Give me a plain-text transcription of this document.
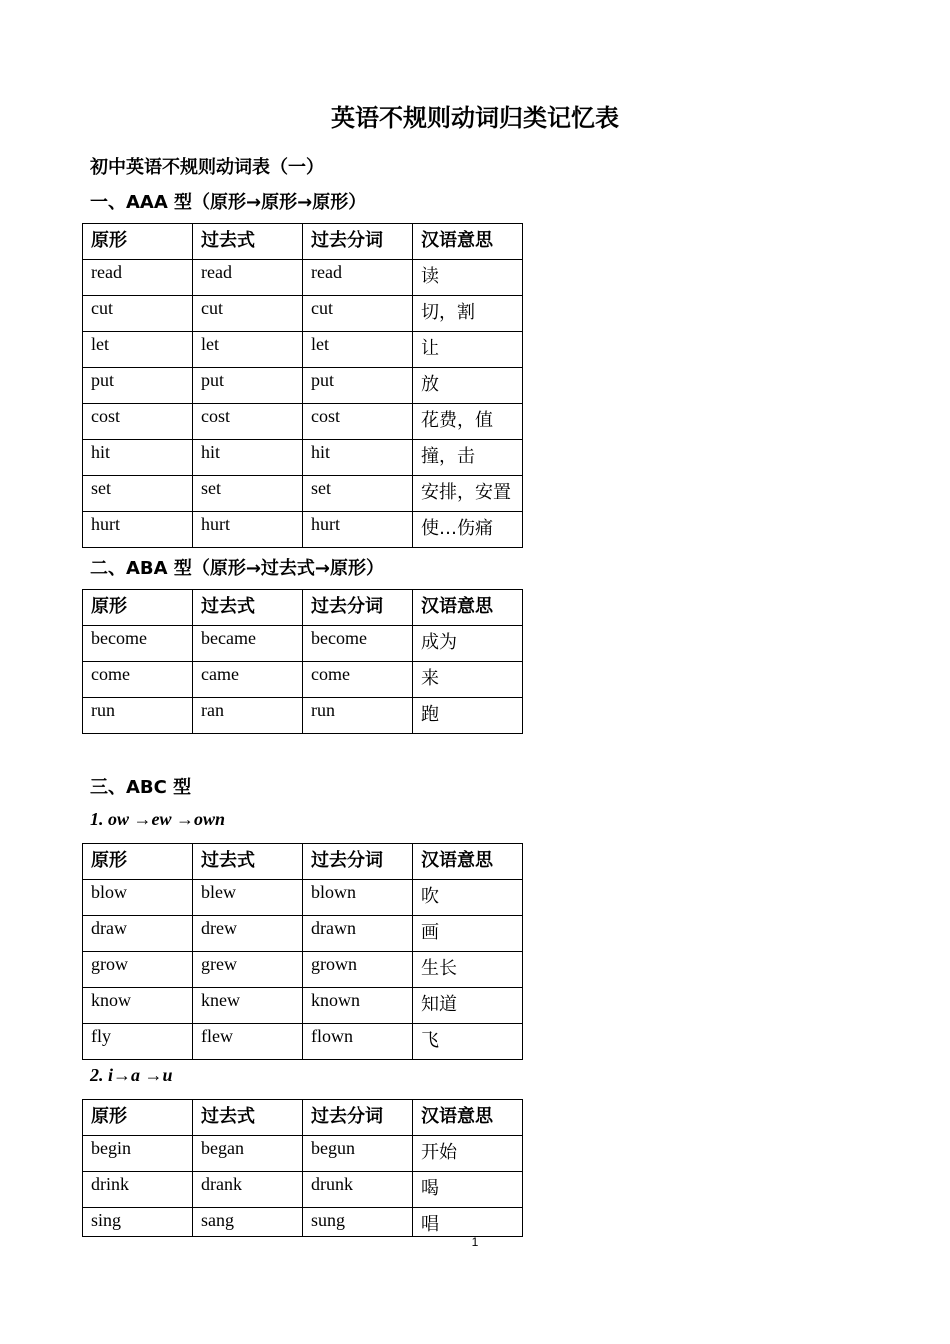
英语不规则动词归类记忆表
初中英语不规则动词表（一）
一、AAA 型（原形→原形→原形）
原形	过去式	过去分词	汉语意思
read	read	read	读
cut	cut	cut	切，割
let	let	let	让
put	put	put	放
cost	cost	cost	花费，值
hit	hit	hit	撞，击
set	set	set	安排，安置
hurt	hurt	hurt	使…伤痛
二、ABA 型（原形→过去式→原形）
原形	过去式	过去分词	汉语意思
become	became	become	成为
come	came	come	来
run	ran	run	跑
三、ABC 型
1. ow →ew →own
原形	过去式	过去分词	汉语意思
blow	blew	blown	吹
draw	drew	drawn	画
grow	grew	grown	生长
know	knew	known	知道
fly	flew	flown	飞
2. i→a →u
原形	过去式	过去分词	汉语意思
begin	began	begun	开始
drink	drank	drunk	喝
sing	sang	sung	唱
1
